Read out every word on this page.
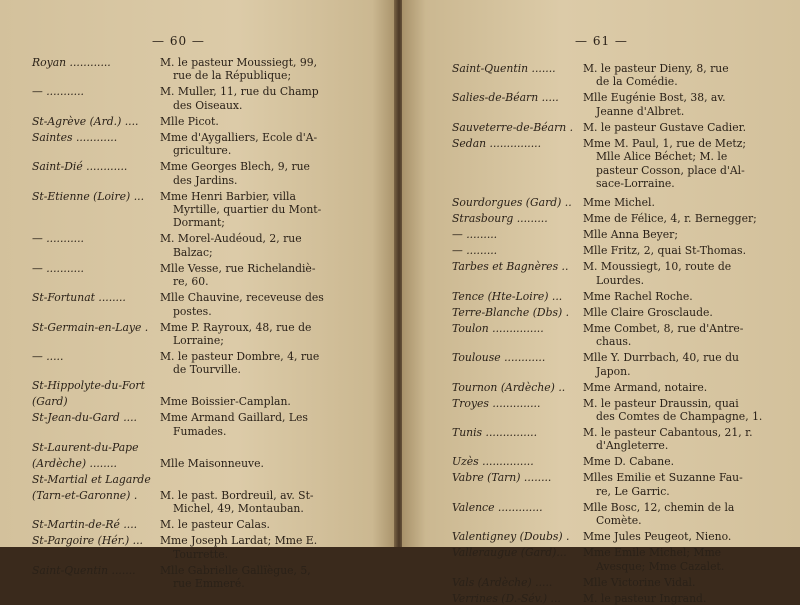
— 60 —
Royan ............	M. le pasteur Moussiegt, 99,
rue de la République;
— ...........	M. Muller, 11, rue du Champ
des Oiseaux.
St-Agrève (Ard.) .... Mlle Picot.
Saintes ............	Mme d'Aygalliers, Ecole d'A-
griculture.
Saint-Dié ............	Mme Georges Blech, 9, rue
des Jardins.
St-Etienne (Loire) ... Mme Henri Barbier, villa
Myrtille, quartier du Mont-
Dormant;
— ...........	M. Morel-Audéoud, 2, rue
Balzac;
— ...........	Mlle Vesse, rue Richelandiè-
re, 60.
St-Fortunat ........	Mlle Chauvine, receveuse des
postes.
St-Germain-en-Laye . Mme P. Rayroux, 48, rue de
Lorraine;
— .....	M. le pasteur Dombre, 4, rue
de Tourville.
St-Hippolyte-du-Fort
(Gard)	Mme Boissier-Camplan.
St-Jean-du-Gard .... Mme Armand Gaillard, Les
Fumades.
St-Laurent-du-Pape
(Ardèche) ........	Mlle Maisonneuve.
St-Martial et Lagarde
(Tarn-et-Garonne) . M. le past. Bordreuil, av. St-
Michel, 49, Montauban.
St-Martin-de-Ré .... M. le pasteur Calas.
St-Pargoire (Hér.) ... Mme Joseph Lardat; Mme E.
Tourrette.
Saint-Quentin ....... Mlle Gabrielle Gallïègue, 5,
rue Emmeré.
— 61 —
Saint-Quentin .......	M. le pasteur Dieny, 8, rue
de la Comédie.
Salies-de-Béarn ..... Mlle Eugénie Bost, 38, av.
Jeanne d'Albret.
Sauveterre-de-Béarn . M. le pasteur Gustave Cadier.
Sedan ...............	Mme M. Paul, 1, rue de Metz;
Mlle Alice Béchet; M. le
pasteur Cosson, place d'Al-
sace-Lorraine.
Sourdorgues (Gard) .. Mme Michel.
Strasbourg .........	Mme de Félice, 4, r. Bernegger;
— .........	Mlle Anna Beyer;
— .........	Mlle Fritz, 2, quai St-Thomas.
Tarbes et Bagnères .. M. Moussiegt, 10, route de
Lourdes.
Tence (Hte-Loire) ... Mme Rachel Roche.
Terre-Blanche (Dbs) . Mlle Claire Grosclaude.
Toulon ...............	Mme Combet, 8, rue d'Antre-
chaus.
Toulouse ............	Mlle Y. Durrbach, 40, rue du
Japon.
Tournon (Ardèche) .. Mme Armand, notaire.
Troyes ..............	M. le pasteur Draussin, quai
des Comtes de Champagne, 1.
Tunis ...............	M. le pasteur Cabantous, 21, r.
d'Angleterre.
Uzès ...............	Mme D. Cabane.
Vabre (Tarn) ........	Mlles Emilie et Suzanne Fau-
re, Le Garric.
Valence .............	Mlle Bosc, 12, chemin de la
Comète.
Valentigney (Doubs) . Mme Jules Peugeot, Nieno.
Valleraugue (Gard)... Mme Emile Michel; Mme
Avesque; Mme Cazalet.
Vals (Ardèche) .....	Mlle Victorine Vidal.
Verrines (D.-Sév.) ... M. le pasteur Ingrand.
